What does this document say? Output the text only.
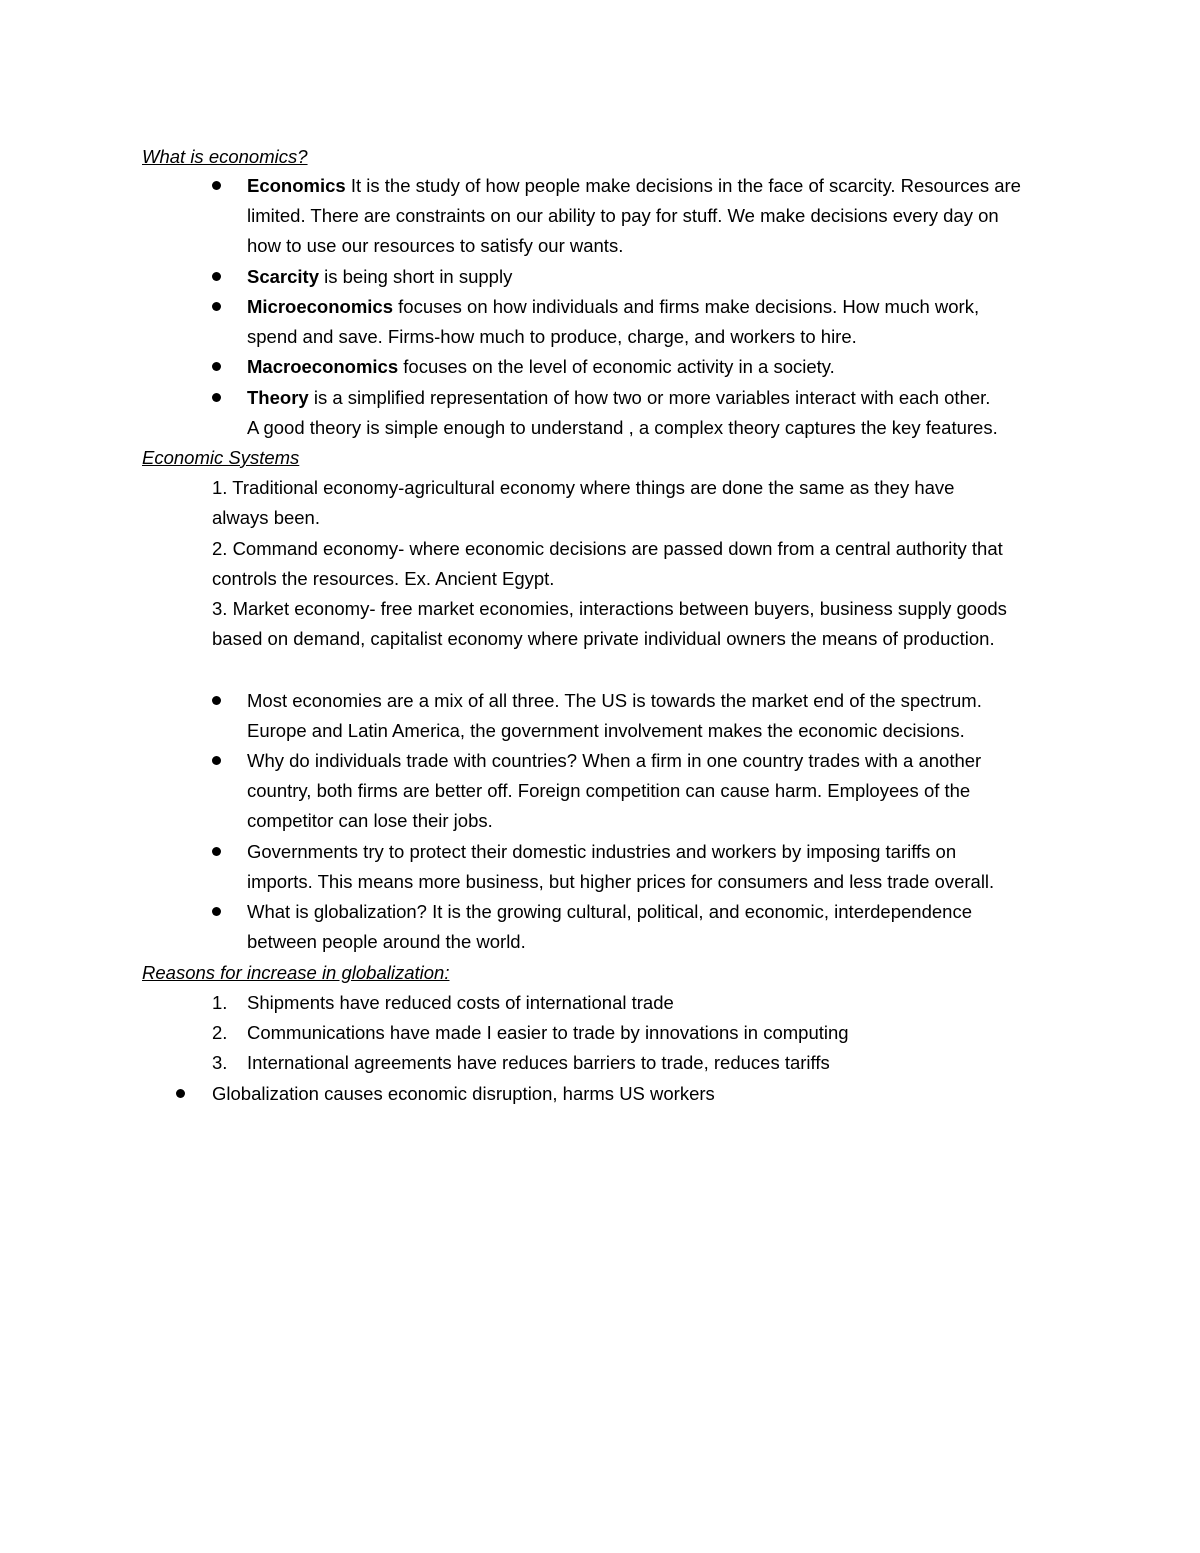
What is economics?
Economics It is the study of how people make decisions in the face of scarcity. Resources are
limited. There are constraints on our ability to pay for stuff. We make decisions every day on
how to use our resources to satisfy our wants.
Scarcity is being short in supply
Microeconomics focuses on how individuals and firms make decisions. How much work,
spend and save. Firms-how much to produce, charge, and workers to hire.
Macroeconomics focuses on the level of economic activity in a society.
Theory is a simplified representation of how two or more variables interact with each other.
A good theory is simple enough to understand , a complex theory captures the key features.
Economic Systems
1. Traditional economy-agricultural economy where things are done the same as they have
always been.
2. Command economy- where economic decisions are passed down from a central authority that
controls the resources. Ex. Ancient Egypt.
3. Market economy- free market economies, interactions between buyers, business supply goods
based on demand, capitalist economy where private individual owners the means of production.
Most economies are a mix of all three. The US is towards the market end of the spectrum.
Europe and Latin America, the government involvement makes the economic decisions.
Why do individuals trade with countries? When a firm in one country trades with a another
country, both firms are better off. Foreign competition can cause harm. Employees of the
competitor can lose their jobs.
Governments try to protect their domestic industries and workers by imposing tariffs on
imports. This means more business, but higher prices for consumers and less trade overall.
What is globalization? It is the growing cultural, political, and economic, interdependence
between people around the world.
Reasons for increase in globalization:
1. Shipments have reduced costs of international trade
2. Communications have made I easier to trade by innovations in computing
3. International agreements have reduces barriers to trade, reduces tariffs
Globalization causes economic disruption, harms US workers
